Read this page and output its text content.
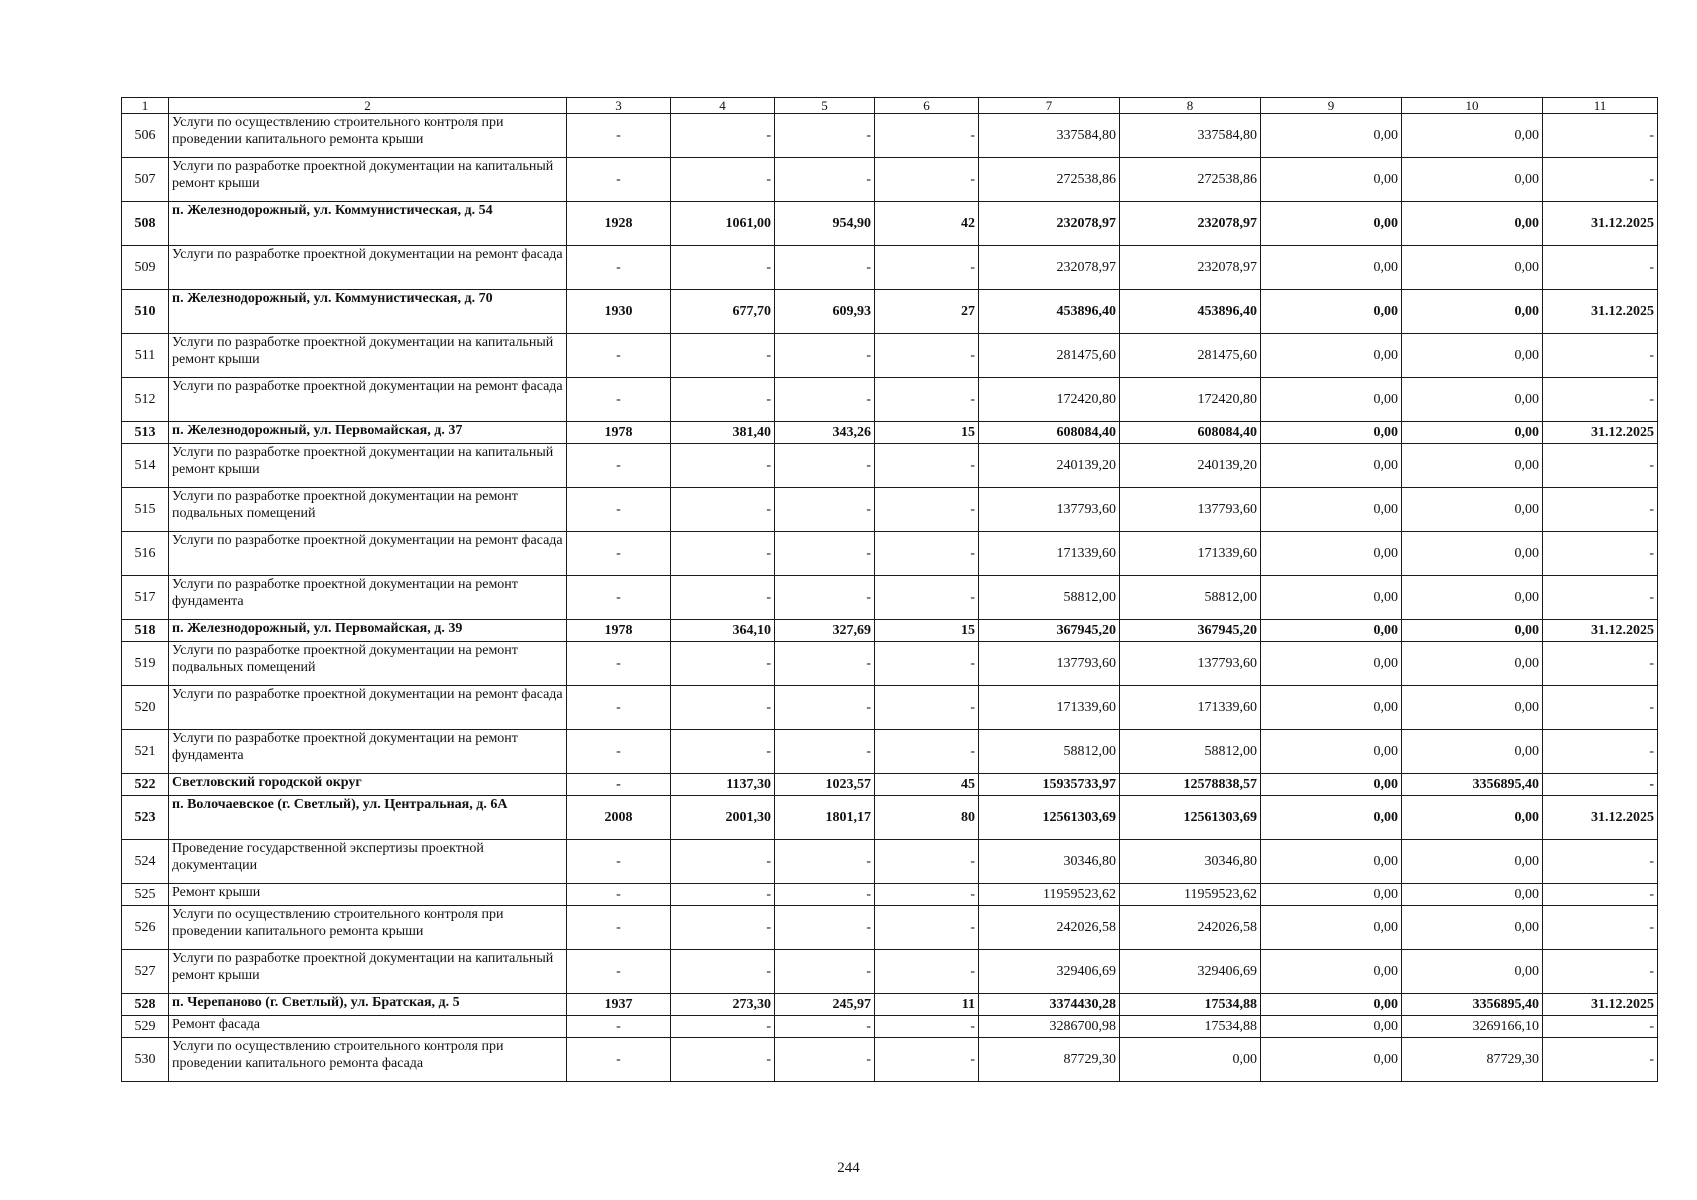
1	2	3	4	5	6	7	8	9	10	11
506	Услуги по осуществлению строительного контроля при проведении капитального ремонта крыши	-	-	-	-	337584,80	337584,80	0,00	0,00	-
507	Услуги по разработке проектной документации на капитальный ремонт крыши	-	-	-	-	272538,86	272538,86	0,00	0,00	-
508	п. Железнодорожный, ул. Коммунистическая, д. 54	1928	1061,00	954,90	42	232078,97	232078,97	0,00	0,00	31.12.2025
509	Услуги по разработке проектной документации на ремонт фасада	-	-	-	-	232078,97	232078,97	0,00	0,00	-
510	п. Железнодорожный, ул. Коммунистическая, д. 70	1930	677,70	609,93	27	453896,40	453896,40	0,00	0,00	31.12.2025
511	Услуги по разработке проектной документации на капитальный ремонт крыши	-	-	-	-	281475,60	281475,60	0,00	0,00	-
512	Услуги по разработке проектной документации на ремонт фасада	-	-	-	-	172420,80	172420,80	0,00	0,00	-
513	п. Железнодорожный, ул. Первомайская, д. 37	1978	381,40	343,26	15	608084,40	608084,40	0,00	0,00	31.12.2025
514	Услуги по разработке проектной документации на капитальный ремонт крыши	-	-	-	-	240139,20	240139,20	0,00	0,00	-
515	Услуги по разработке проектной документации на ремонт подвальных помещений	-	-	-	-	137793,60	137793,60	0,00	0,00	-
516	Услуги по разработке проектной документации на ремонт фасада	-	-	-	-	171339,60	171339,60	0,00	0,00	-
517	Услуги по разработке проектной документации на ремонт фундамента	-	-	-	-	58812,00	58812,00	0,00	0,00	-
518	п. Железнодорожный, ул. Первомайская, д. 39	1978	364,10	327,69	15	367945,20	367945,20	0,00	0,00	31.12.2025
519	Услуги по разработке проектной документации на ремонт подвальных помещений	-	-	-	-	137793,60	137793,60	0,00	0,00	-
520	Услуги по разработке проектной документации на ремонт фасада	-	-	-	-	171339,60	171339,60	0,00	0,00	-
521	Услуги по разработке проектной документации на ремонт фундамента	-	-	-	-	58812,00	58812,00	0,00	0,00	-
522	Светловский городской округ	-	1137,30	1023,57	45	15935733,97	12578838,57	0,00	3356895,40	-
523	п. Волочаевское (г. Светлый), ул. Центральная, д. 6А	2008	2001,30	1801,17	80	12561303,69	12561303,69	0,00	0,00	31.12.2025
524	Проведение государственной экспертизы проектной документации	-	-	-	-	30346,80	30346,80	0,00	0,00	-
525	Ремонт крыши	-	-	-	-	11959523,62	11959523,62	0,00	0,00	-
526	Услуги по осуществлению строительного контроля при проведении капитального ремонта крыши	-	-	-	-	242026,58	242026,58	0,00	0,00	-
527	Услуги по разработке проектной документации на капитальный ремонт крыши	-	-	-	-	329406,69	329406,69	0,00	0,00	-
528	п. Черепаново (г. Светлый), ул. Братская, д. 5	1937	273,30	245,97	11	3374430,28	17534,88	0,00	3356895,40	31.12.2025
529	Ремонт фасада	-	-	-	-	3286700,98	17534,88	0,00	3269166,10	-
530	Услуги по осуществлению строительного контроля при проведении капитального ремонта фасада	-	-	-	-	87729,30	0,00	0,00	87729,30	-
244
